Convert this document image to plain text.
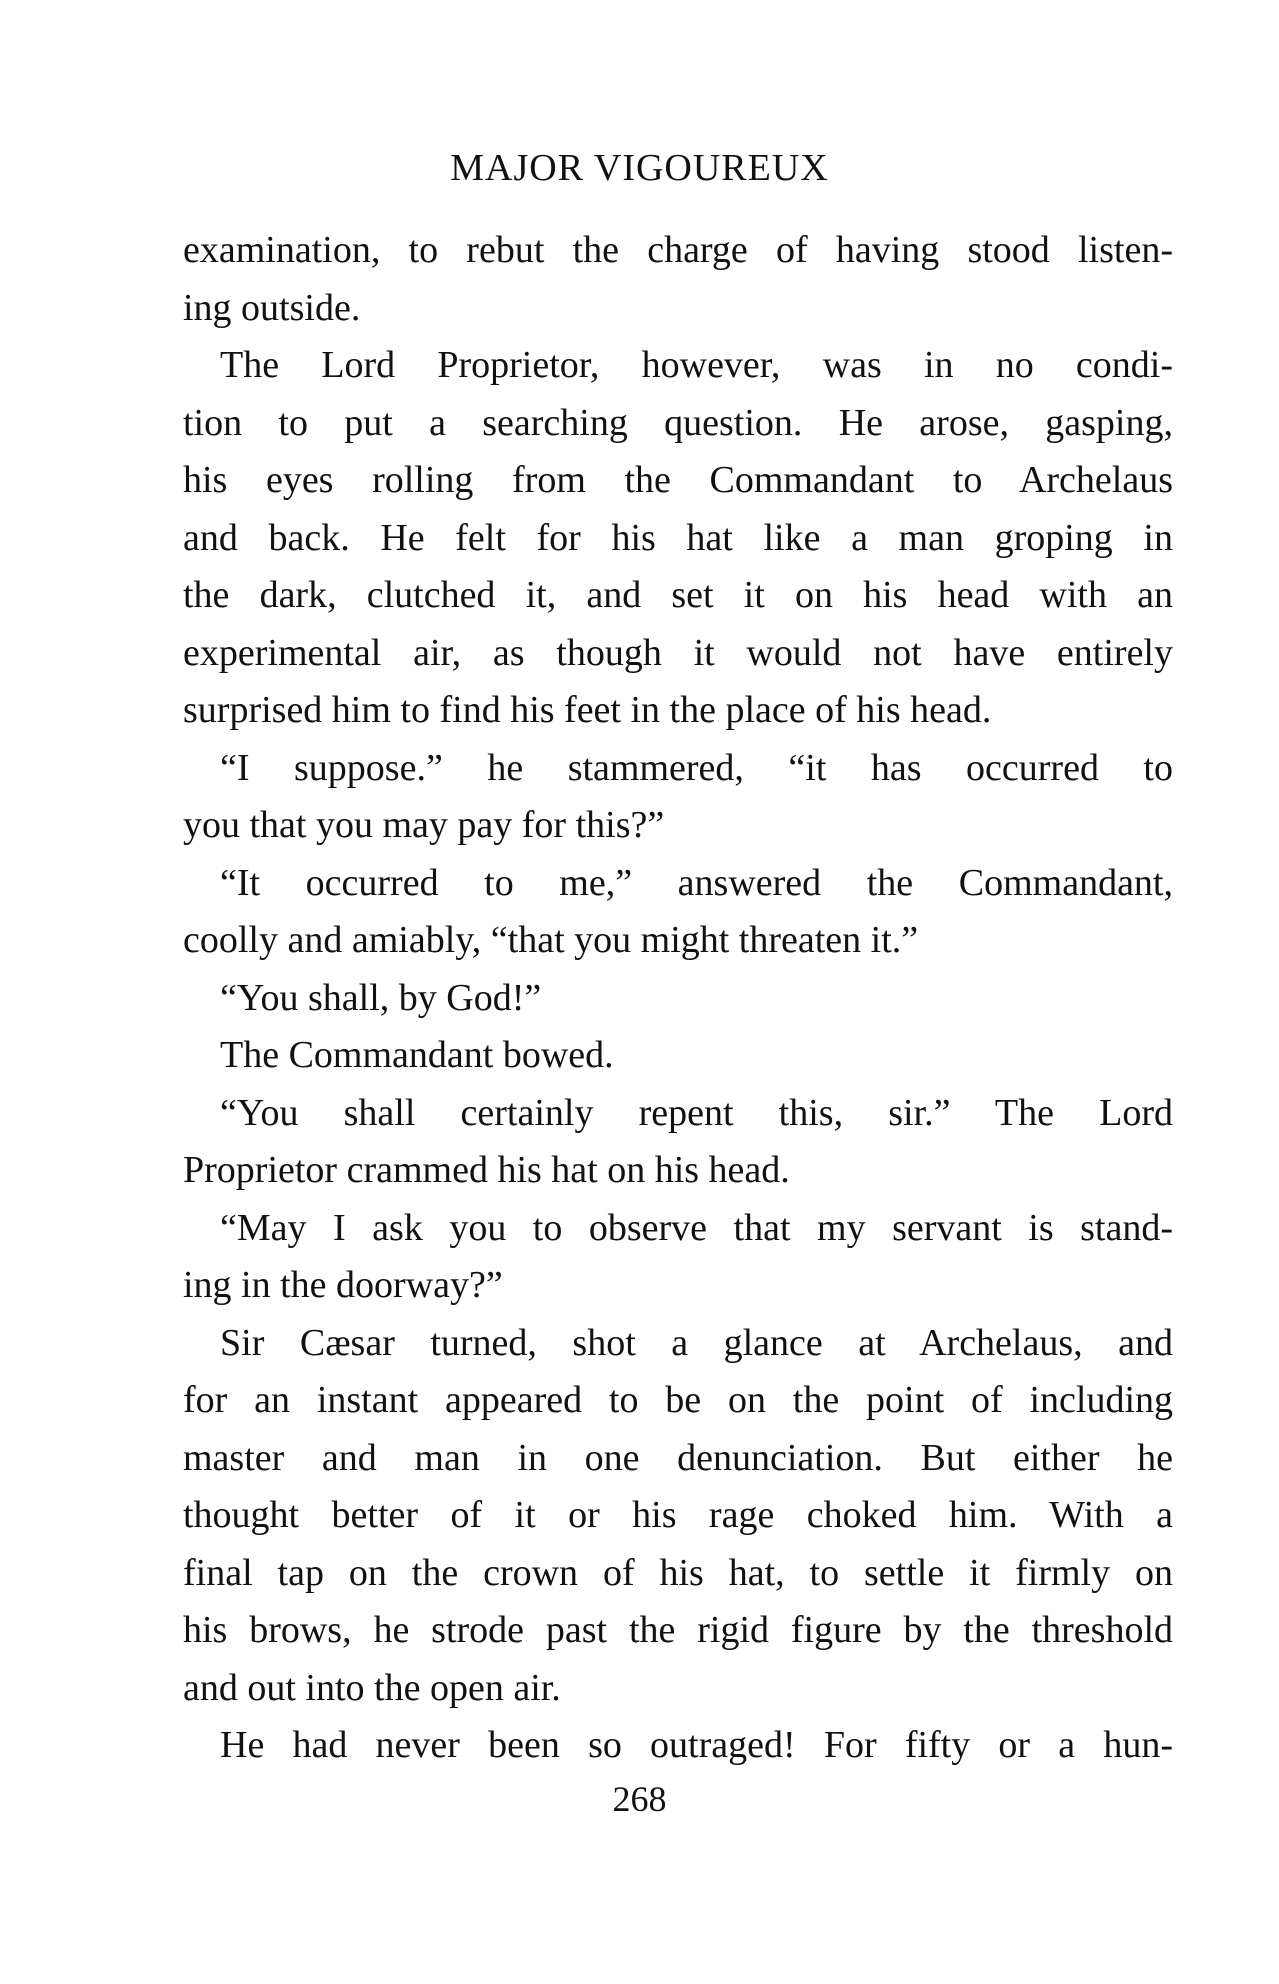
MAJOR VIGOUREUX
examination, to rebut the charge of having stood listen-
ing outside.
The Lord Proprietor, however, was in no condi-
tion to put a searching question. He arose, gasping,
his eyes rolling from the Commandant to Archelaus
and back. He felt for his hat like a man groping in
the dark, clutched it, and set it on his head with an
experimental air, as though it would not have entirely
surprised him to find his feet in the place of his head.
“I suppose.” he stammered, “it has occurred to
you that you may pay for this?”
“It occurred to me,” answered the Commandant,
coolly and amiably, “that you might threaten it.”
“You shall, by God!”
The Commandant bowed.
“You shall certainly repent this, sir.” The Lord
Proprietor crammed his hat on his head.
“May I ask you to observe that my servant is stand-
ing in the doorway?”
Sir Cæsar turned, shot a glance at Archelaus, and
for an instant appeared to be on the point of including
master and man in one denunciation. But either he
thought better of it or his rage choked him. With a
final tap on the crown of his hat, to settle it firmly on
his brows, he strode past the rigid figure by the threshold
and out into the open air.
He had never been so outraged! For fifty or a hun-
268
